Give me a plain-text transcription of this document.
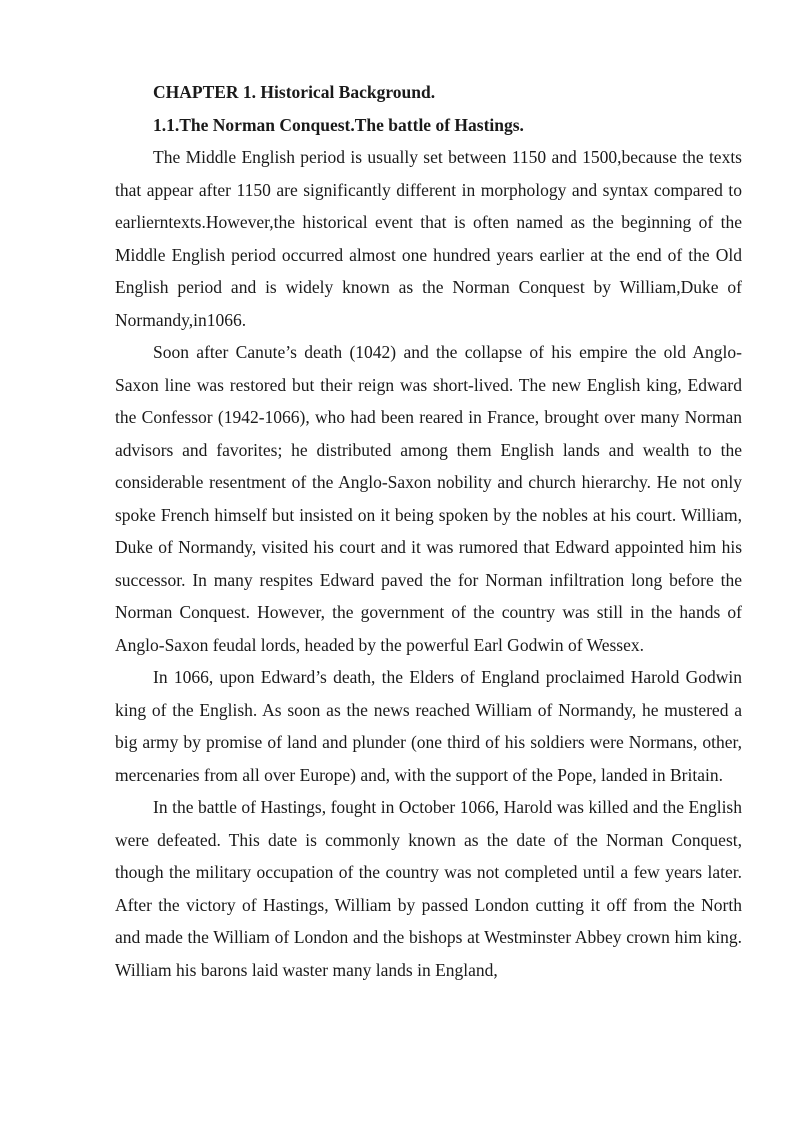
CHAPTER 1. Historical Background.

1.1.The Norman Conquest.The battle of Hastings.

The Middle English period is usually set between 1150 and 1500,because the texts that appear after 1150 are significantly different in morphology and syntax compared to earlierntexts.However,the historical event that is often named as the beginning of the Middle English period occurred almost one hundred years earlier at the end of the Old English period and is widely known as the Norman Conquest by William,Duke of Normandy,in1066.

Soon after Canute’s death (1042) and the collapse of his empire the old Anglo-Saxon line was restored but their reign was short-lived. The new English king, Edward the Confessor (1942-1066), who had been reared in France, brought over many Norman advisors and favorites; he distributed among them English lands and wealth to the considerable resentment of the Anglo-Saxon nobility and church hierarchy. He not only spoke French himself but insisted on it being spoken by the nobles at his court. William, Duke of Normandy, visited his court and it was rumored that Edward appointed him his successor. In many respites Edward paved the for Norman infiltration long before the Norman Conquest. However, the government of the country was still in the hands of Anglo-Saxon feudal lords, headed by the powerful Earl Godwin of Wessex.

In 1066, upon Edward’s death, the Elders of England proclaimed Harold Godwin king of the English. As soon as the news reached William of Normandy, he mustered a big army by promise of land and plunder (one third of his soldiers were Normans, other, mercenaries from all over Europe) and, with the support of the Pope, landed in Britain.

In the battle of Hastings, fought in October 1066, Harold was killed and the English were defeated. This date is commonly known as the date of the Norman Conquest, though the military occupation of the country was not completed until a few years later. After the victory of Hastings, William by passed London cutting it off from the North and made the William of London and the bishops at Westminster Abbey crown him king. William his barons laid waster many lands in England,
